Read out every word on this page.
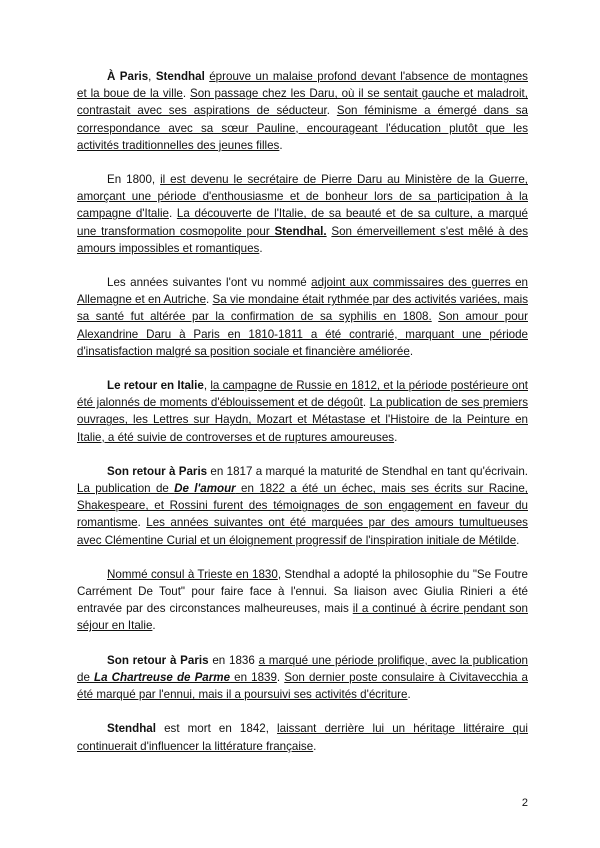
À Paris, Stendhal éprouve un malaise profond devant l'absence de montagnes et la boue de la ville. Son passage chez les Daru, où il se sentait gauche et maladroit, contrastait avec ses aspirations de séducteur. Son féminisme a émergé dans sa correspondance avec sa sœur Pauline, encourageant l'éducation plutôt que les activités traditionnelles des jeunes filles.

En 1800, il est devenu le secrétaire de Pierre Daru au Ministère de la Guerre, amorçant une période d'enthousiasme et de bonheur lors de sa participation à la campagne d'Italie. La découverte de l'Italie, de sa beauté et de sa culture, a marqué une transformation cosmopolite pour Stendhal. Son émerveillement s'est mêlé à des amours impossibles et romantiques.

Les années suivantes l'ont vu nommé adjoint aux commissaires des guerres en Allemagne et en Autriche. Sa vie mondaine était rythmée par des activités variées, mais sa santé fut altérée par la confirmation de sa syphilis en 1808. Son amour pour Alexandrine Daru à Paris en 1810-1811 a été contrarié, marquant une période d'insatisfaction malgré sa position sociale et financière améliorée.

Le retour en Italie, la campagne de Russie en 1812, et la période postérieure ont été jalonnés de moments d'éblouissement et de dégoût. La publication de ses premiers ouvrages, les Lettres sur Haydn, Mozart et Métastase et l'Histoire de la Peinture en Italie, a été suivie de controverses et de ruptures amoureuses.

Son retour à Paris en 1817 a marqué la maturité de Stendhal en tant qu'écrivain. La publication de De l'amour en 1822 a été un échec, mais ses écrits sur Racine, Shakespeare, et Rossini furent des témoignages de son engagement en faveur du romantisme. Les années suivantes ont été marquées par des amours tumultueuses avec Clémentine Curial et un éloignement progressif de l'inspiration initiale de Métilde.

Nommé consul à Trieste en 1830, Stendhal a adopté la philosophie du "Se Foutre Carrément De Tout" pour faire face à l'ennui. Sa liaison avec Giulia Rinieri a été entravée par des circonstances malheureuses, mais il a continué à écrire pendant son séjour en Italie.

Son retour à Paris en 1836 a marqué une période prolifique, avec la publication de La Chartreuse de Parme en 1839. Son dernier poste consulaire à Civitavecchia a été marqué par l'ennui, mais il a poursuivi ses activités d'écriture.

Stendhal est mort en 1842, laissant derrière lui un héritage littéraire qui continuerait d'influencer la littérature française.

2
